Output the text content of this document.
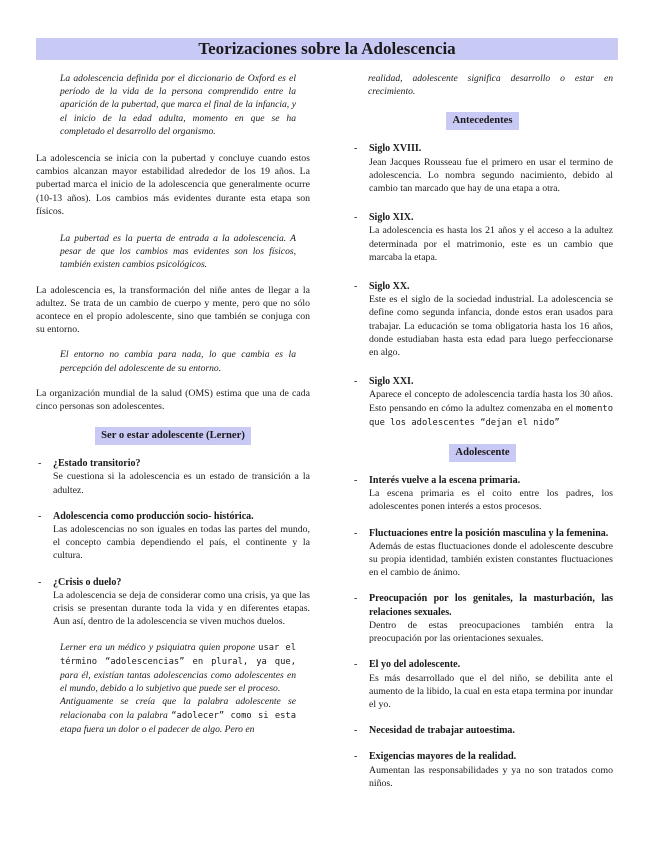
Teorizaciones sobre la Adolescencia

La adolescencia definida por el diccionario de Oxford es el período de la vida de la persona comprendido entre la aparición de la pubertad, que marca el final de la infancia, y el inicio de la edad adulta, momento en que se ha completado el desarrollo del organismo.

La adolescencia se inicia con la pubertad y concluye cuando estos cambios alcanzan mayor estabilidad alrededor de los 19 años. La pubertad marca el inicio de la adolescencia que generalmente ocurre (10-13 años). Los cambios más evidentes durante esta etapa son físicos.

La pubertad es la puerta de entrada a la adolescencia. A pesar de que los cambios mas evidentes son los físicos, también existen cambios psicológicos.

La adolescencia es, la transformación del niñe antes de llegar a la adultez. Se trata de un cambio de cuerpo y mente, pero que no sólo acontece en el propio adolescente, sino que también se conjuga con su entorno.

El entorno no cambia para nada, lo que cambia es la percepción del adolescente de su entorno.

La organización mundial de la salud (OMS) estima que una de cada cinco personas son adolescentes.

Ser o estar adolescente (Lerner)

- ¿Estado transitorio?

Se cuestiona si la adolescencia es un estado de transición a la adultez.

- Adolescencia como producción socio- histórica.

Las adolescencias no son iguales en todas las partes del mundo, el concepto cambia dependiendo el país, el continente y la cultura.

- ¿Crisis o duelo?

La adolescencia se deja de considerar como una crisis, ya que las crisis se presentan durante toda la vida y en diferentes etapas. Aun así, dentro de la adolescencia se viven muchos duelos.

Lerner era un médico y psiquiatra quien propone usar el término “adolescencias” en plural, ya que, para él, existían tantas adolescencias como adolescentes en el mundo, debido a lo subjetivo que puede ser el proceso.
Antiguamente se creía que la palabra adolescente se relacionaba con la palabra “adolecer” como si esta etapa fuera un dolor o el padecer de algo. Pero en

realidad, adolescente significa desarrollo o estar en crecimiento.

Antecedentes

- Siglo XVIII.

Jean Jacques Rousseau fue el primero en usar el termino de adolescencia. Lo nombra segundo nacimiento, debido al cambio tan marcado que hay de una etapa a otra.

- Siglo XIX.

La adolescencia es hasta los 21 años y el acceso a la adultez determinada por el matrimonio, este es un cambio que marcaba la etapa.

- Siglo XX.

Este es el siglo de la sociedad industrial. La adolescencia se define como segunda infancia, donde estos eran usados para trabajar. La educación se toma obligatoria hasta los 16 años, donde estudiaban hasta esta edad para luego perfeccionarse en algo.

- Siglo XXI.

Aparece el concepto de adolescencia tardía hasta los 30 años. Esto pensando en cómo la adultez comenzaba en el momento que los adolescentes “dejan el nido”

Adolescente

- Interés vuelve a la escena primaria.

La escena primaria es el coito entre los padres, los adolescentes ponen interés a estos procesos.

- Fluctuaciones entre la posición masculina y la femenina.

Además de estas fluctuaciones donde el adolescente descubre su propia identidad, también existen constantes fluctuaciones en el cambio de ánimo.

- Preocupación por los genitales, la masturbación, las relaciones sexuales.

Dentro de estas preocupaciones también entra la preocupación por las orientaciones sexuales.

- El yo del adolescente.

Es más desarrollado que el del niño, se debilita ante el aumento de la libido, la cual en esta etapa termina por inundar el yo.

- Necesidad de trabajar autoestima.

- Exigencias mayores de la realidad.

Aumentan las responsabilidades y ya no son tratados como niños.
